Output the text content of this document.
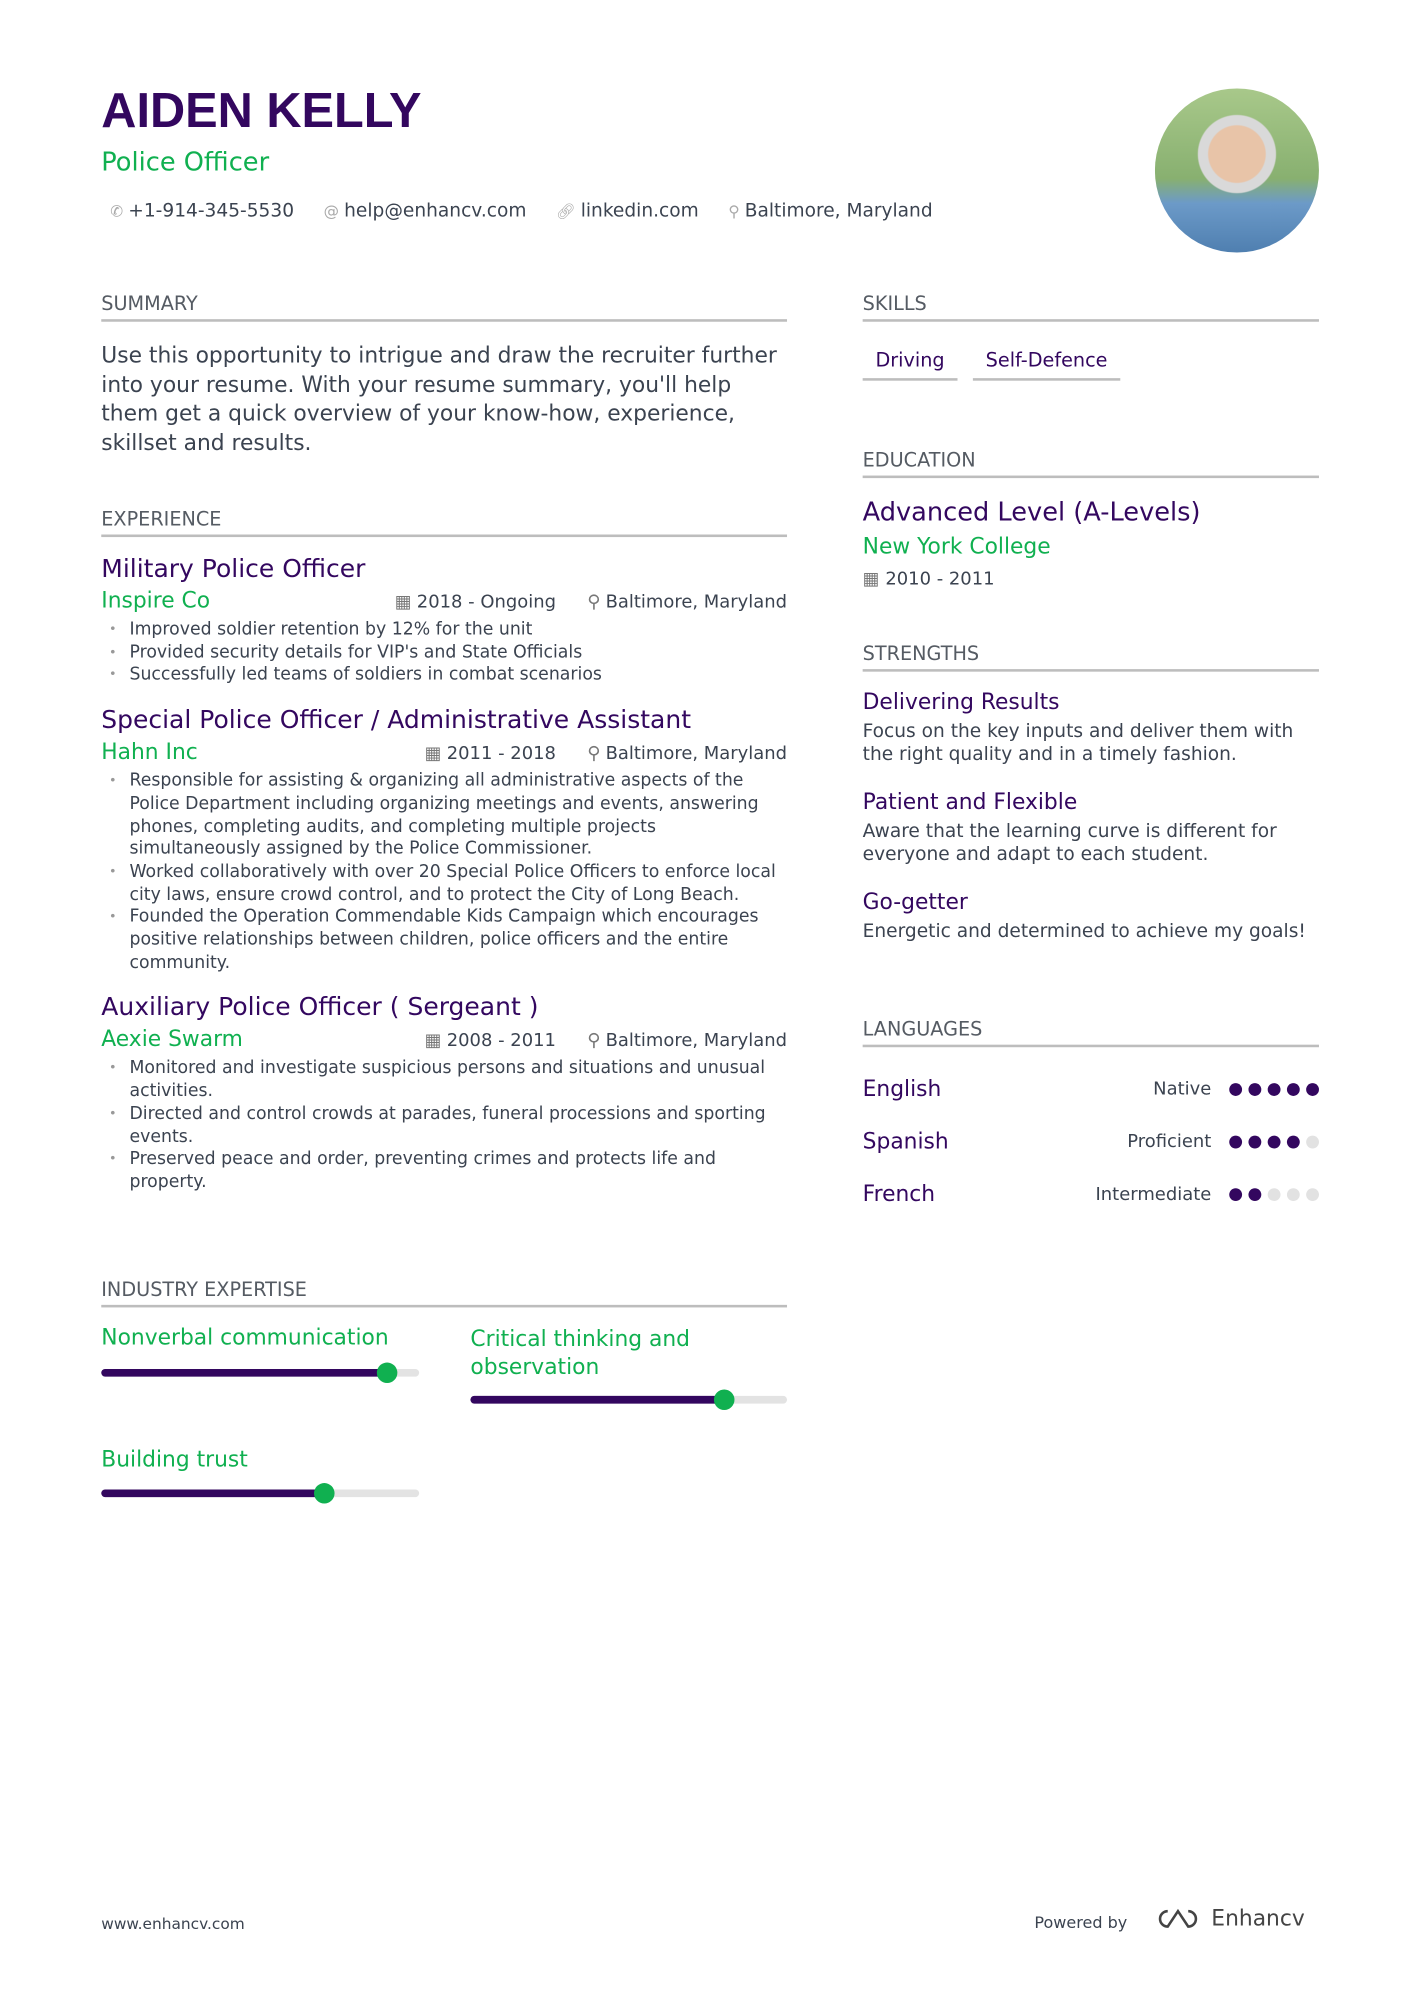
AIDEN KELLY
Police Officer
✆ +1-914-345-5530 @ help@enhancv.com 🔗︎ linkedin.com ⚲ Baltimore, Maryland
SUMMARY
Use this opportunity to intrigue and draw the recruiter further into your resume. With your resume summary, you'll help them get a quick overview of your know-how, experience, skillset and results.
EXPERIENCE
Military Police Officer
Inspire Co	▦ 2018 - Ongoing ⚲ Baltimore, Maryland
• Improved soldier retention by 12% for the unit
• Provided security details for VIP's and State Officials
• Successfully led teams of soldiers in combat scenarios
Special Police Officer / Administrative Assistant
Hahn Inc	▦ 2011 - 2018 ⚲ Baltimore, Maryland
• Responsible for assisting & organizing all administrative aspects of the Police Department including organizing meetings and events, answering phones, completing audits, and completing multiple projects simultaneously assigned by the Police Commissioner.
• Worked collaboratively with over 20 Special Police Officers to enforce local city laws, ensure crowd control, and to protect the City of Long Beach.
• Founded the Operation Commendable Kids Campaign which encourages positive relationships between children, police officers and the entire community.
Auxiliary Police Officer ( Sergeant )
Aexie Swarm	▦ 2008 - 2011 ⚲ Baltimore, Maryland
• Monitored and investigate suspicious persons and situations and unusual activities.
• Directed and control crowds at parades, funeral processions and sporting events.
• Preserved peace and order, preventing crimes and protects life and property.
INDUSTRY EXPERTISE
Nonverbal communication	Critical thinking and observation
Building trust
SKILLS
Driving	Self-Defence
EDUCATION
Advanced Level (A-Levels)
New York College
▦ 2010 - 2011
STRENGTHS
Delivering Results
Focus on the key inputs and deliver them with the right quality and in a timely fashion.
Patient and Flexible
Aware that the learning curve is different for everyone and adapt to each student.
Go-getter
Energetic and determined to achieve my goals!
LANGUAGES
English	Native
Spanish	Proficient
French	Intermediate
www.enhancv.com	Powered by	Enhancv
